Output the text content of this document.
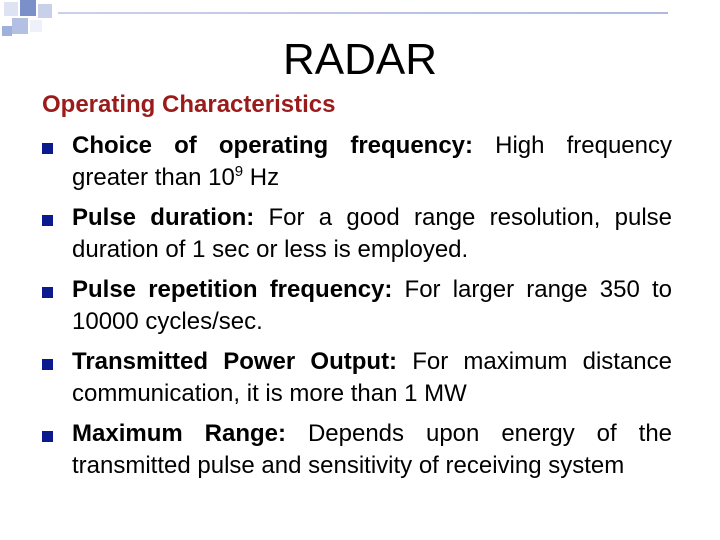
RADAR
Operating Characteristics
Choice of operating frequency: High frequency greater than $10^9$ Hz
Pulse duration: For a good range resolution, pulse duration of 1 sec or less is employed.
Pulse repetition frequency: For larger range 350 to 10000 cycles/sec.
Transmitted Power Output: For maximum distance communication, it is more than 1 MW
Maximum Range: Depends upon energy of the transmitted pulse and sensitivity of receiving system
